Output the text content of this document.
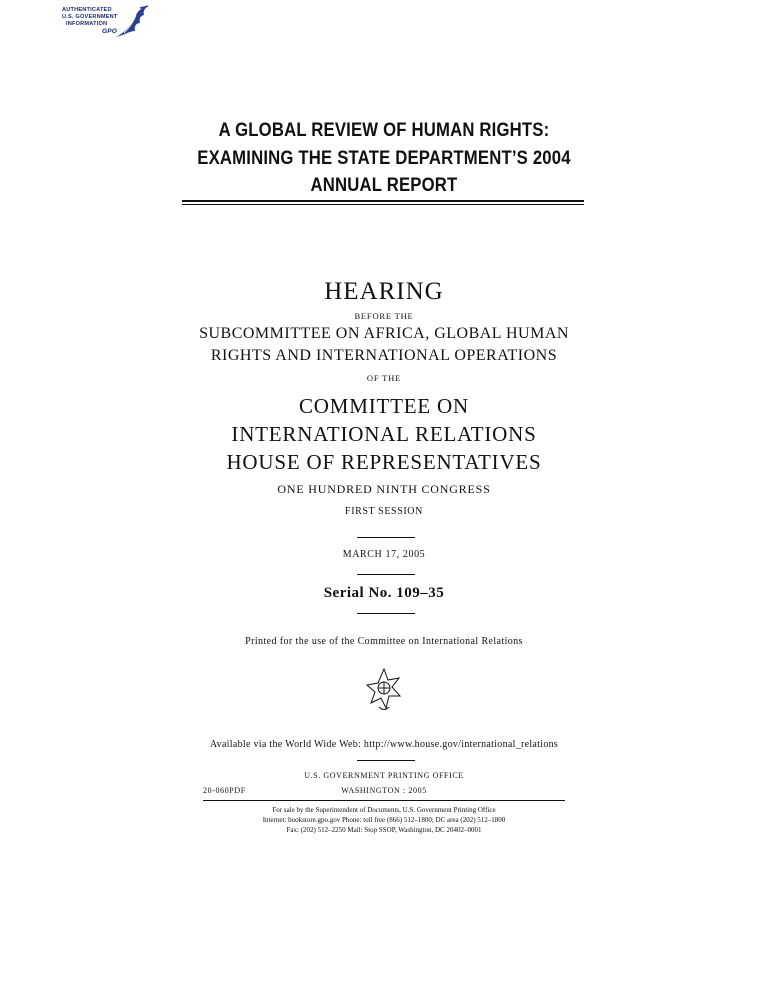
AUTHENTICATED
U.S. GOVERNMENT
INFORMATION
GPO
A GLOBAL REVIEW OF HUMAN RIGHTS:
EXAMINING THE STATE DEPARTMENT’S 2004
ANNUAL REPORT
HEARING
BEFORE THE
SUBCOMMITTEE ON AFRICA, GLOBAL HUMAN
RIGHTS AND INTERNATIONAL OPERATIONS
OF THE
COMMITTEE ON
INTERNATIONAL RELATIONS
HOUSE OF REPRESENTATIVES
ONE HUNDRED NINTH CONGRESS
FIRST SESSION
MARCH 17, 2005
Serial No. 109–35
Printed for the use of the Committee on International Relations
Available via the World Wide Web: http://www.house.gov/international_relations
U.S. GOVERNMENT PRINTING OFFICE
20-060PDF	WASHINGTON : 2005
For sale by the Superintendent of Documents, U.S. Government Printing Office
Internet: bookstore.gpo.gov Phone: toll free (866) 512–1800; DC area (202) 512–1800
Fax: (202) 512–2250 Mail: Stop SSOP, Washington, DC 20402–0001
